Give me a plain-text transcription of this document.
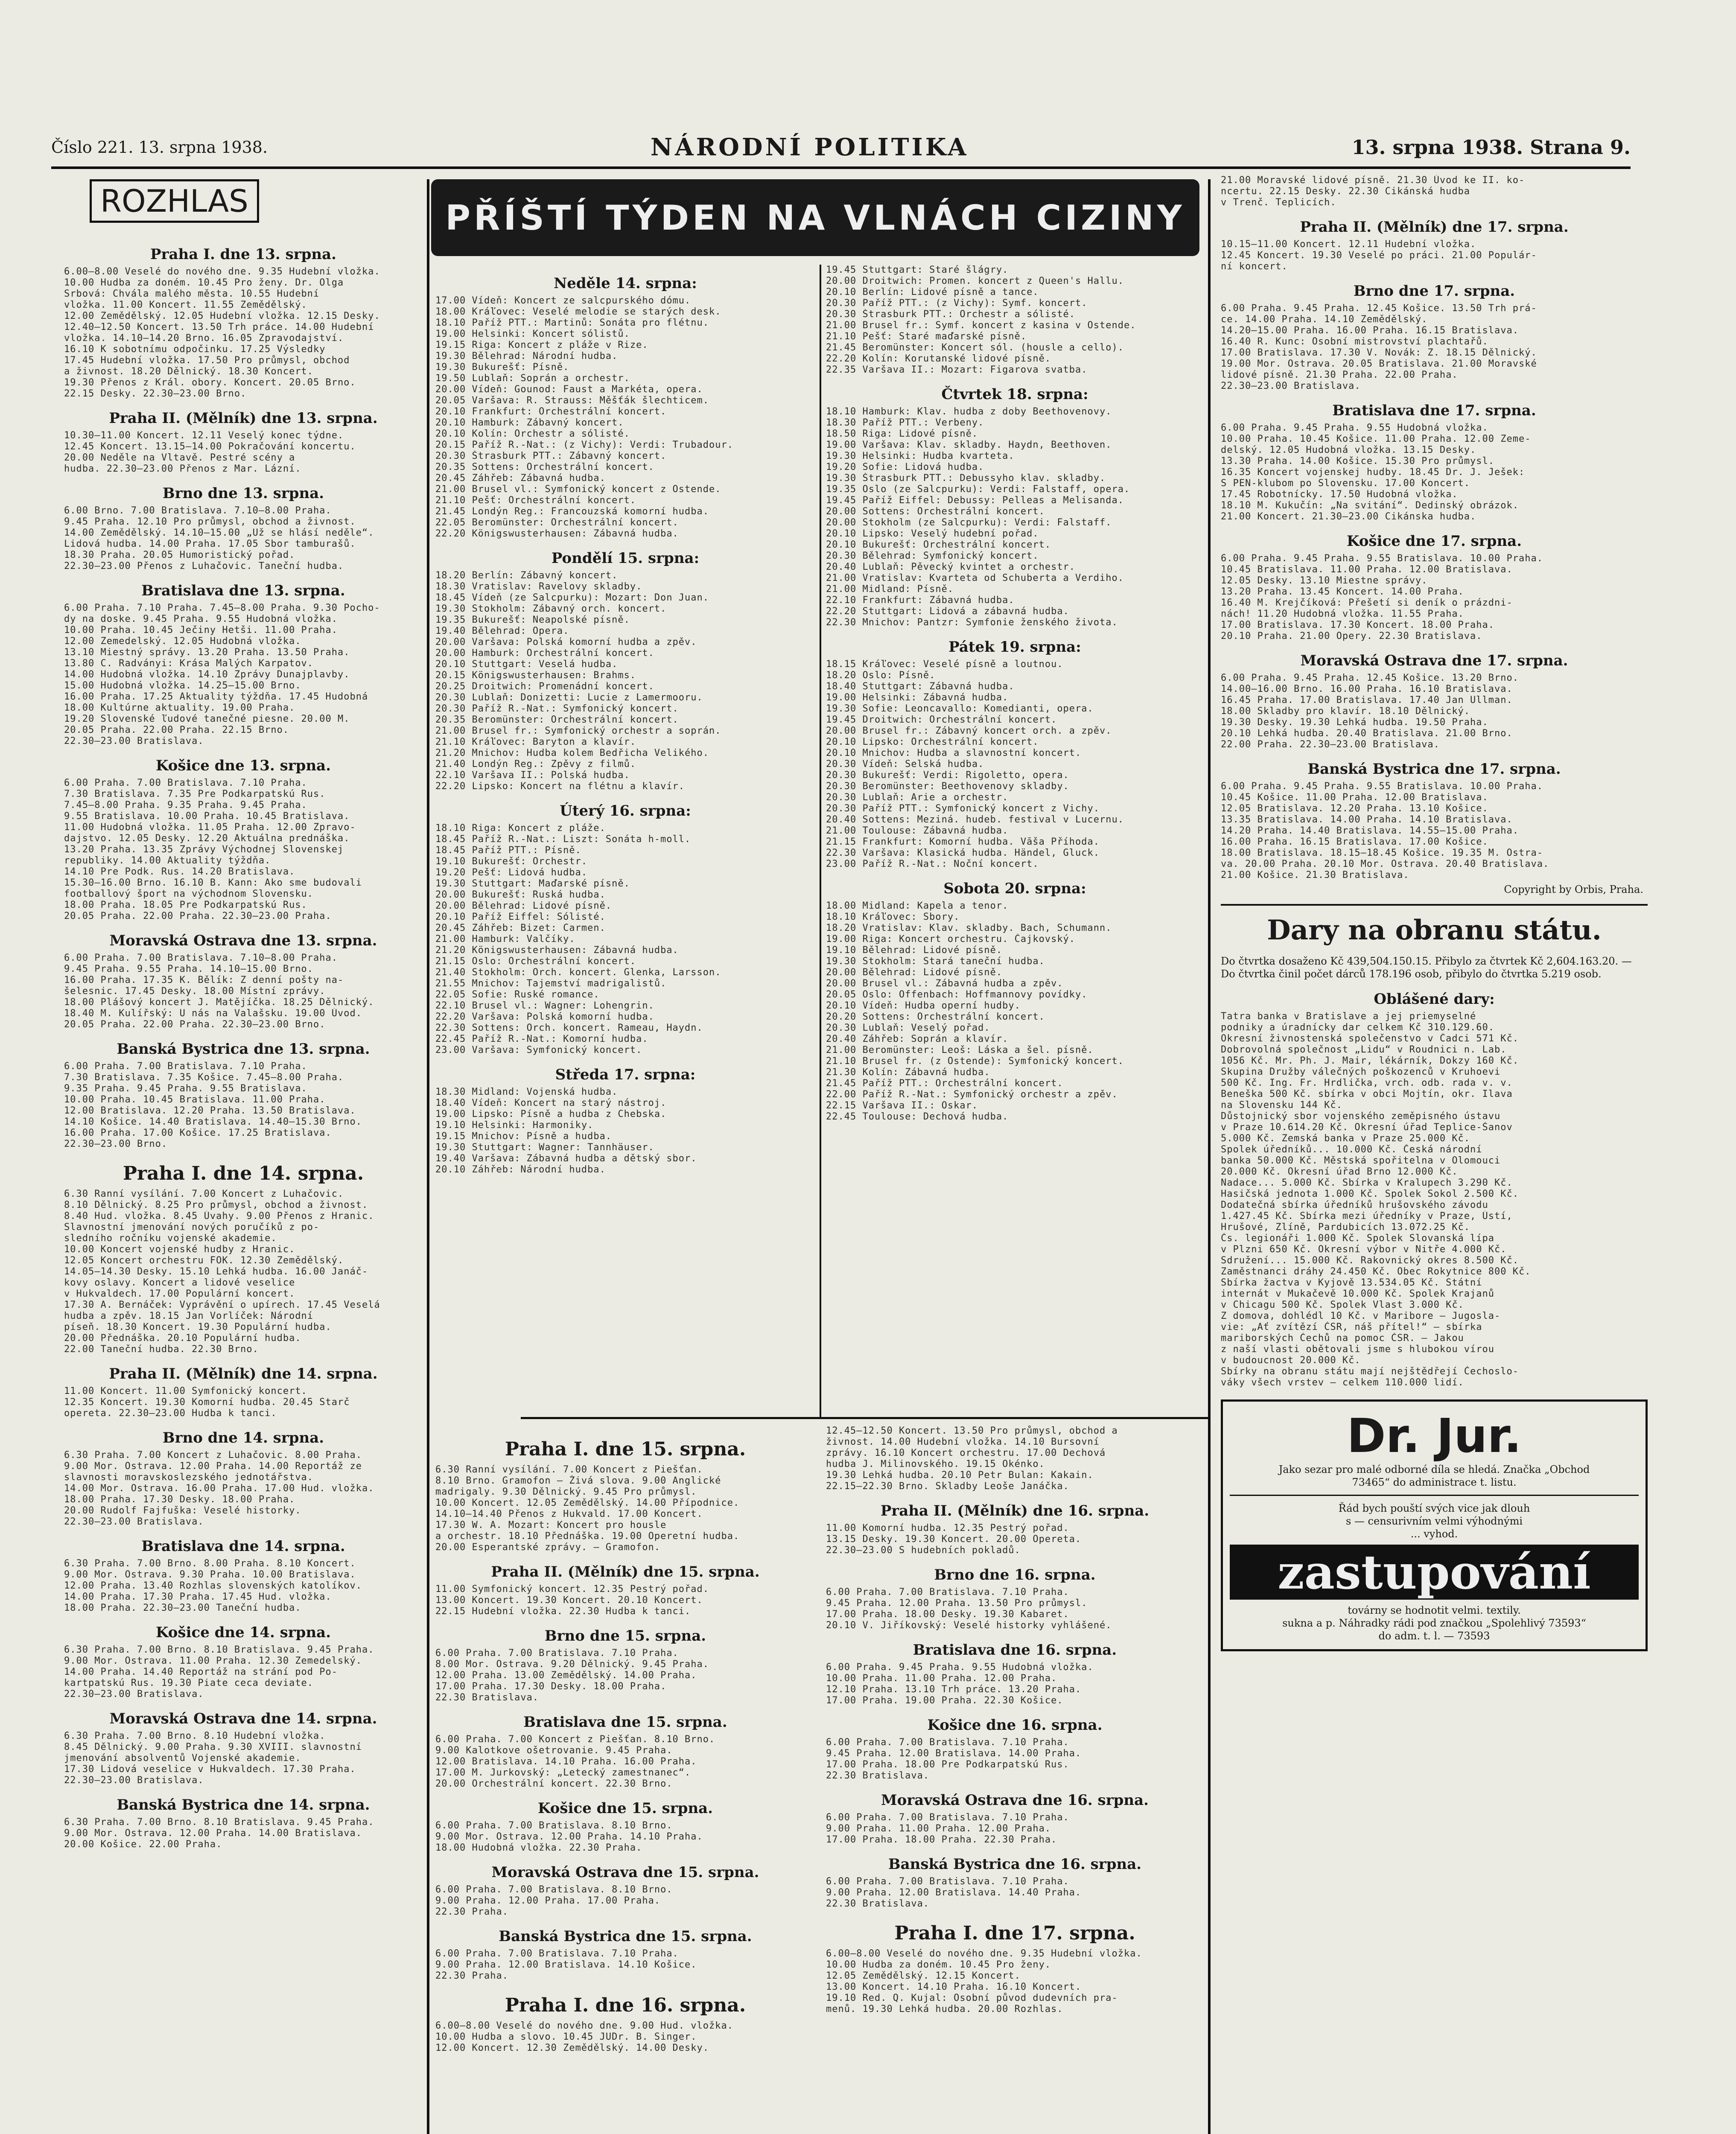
Číslo 221. 13. srpna 1938.	NÁRODNÍ POLITIKA	13. srpna 1938. Strana 9.
PŘÍŠTÍ TÝDEN NA VLNÁCH CIZINY
ROZHLAS
Praha I. dne 13. srpna.
6.00—8.00 Veselé do nového dne. 9.35 Hudební vložka.
10.00 Hudba za doném. 10.45 Pro ženy. Dr. Olga
Srbová: Chvála malého města. 10.55 Hudební
vložka. 11.00 Koncert. 11.55 Zemědělský.
12.00 Zemědělský. 12.05 Hudební vložka. 12.15 Desky.
12.40—12.50 Koncert. 13.50 Trh práce. 14.00 Hudební
vložka. 14.10—14.20 Brno. 16.05 Zpravodajství.
16.10 K sobotnímu odpočinku. 17.25 Výsledky
17.45 Hudební vložka. 17.50 Pro průmysl, obchod
a živnost. 18.20 Dělnický. 18.30 Koncert.
19.30 Přenos z Král. obory. Koncert. 20.05 Brno.
22.15 Desky. 22.30—23.00 Brno.
Praha II. (Mělník) dne 13. srpna.
10.30—11.00 Koncert. 12.11 Veselý konec týdne.
12.45 Koncert. 13.15—14.00 Pokračování koncertu.
20.00 Neděle na Vltavě. Pestré scény a
hudba. 22.30—23.00 Přenos z Mar. Lázní.
Brno dne 13. srpna.
6.00 Brno. 7.00 Bratislava. 7.10—8.00 Praha.
9.45 Praha. 12.10 Pro průmysl, obchod a živnost.
14.00 Zemědělský. 14.10—15.00 „Už se hlásí neděle“.
Lidová hudba. 14.00 Praha. 17.05 Sbor tamburašů.
18.30 Praha. 20.05 Humoristický pořad.
22.30—23.00 Přenos z Luhačovic. Taneční hudba.
Bratislava dne 13. srpna.
6.00 Praha. 7.10 Praha. 7.45—8.00 Praha. 9.30 Pocho-
dy na doske. 9.45 Praha. 9.55 Hudobná vložka.
10.00 Praha. 10.45 Ječiny Hetši. 11.00 Praha.
12.00 Zemedelský. 12.05 Hudobná vložka.
13.10 Miestný správy. 13.20 Praha. 13.50 Praha.
13.80 C. Radványi: Krása Malých Karpatov.
14.00 Hudobná vložka. 14.10 Zprávy Dunajplavby.
15.00 Hudobná vložka. 14.25—15.00 Brno.
16.00 Praha. 17.25 Aktuality týždňa. 17.45 Hudobná
18.00 Kultúrne aktuality. 19.00 Praha.
19.20 Slovenské ľudové tanečné piesne. 20.00 M.
20.05 Praha. 22.00 Praha. 22.15 Brno.
22.30—23.00 Bratislava.
Košice dne 13. srpna.
6.00 Praha. 7.00 Bratislava. 7.10 Praha.
7.30 Bratislava. 7.35 Pre Podkarpatskú Rus.
7.45—8.00 Praha. 9.35 Praha. 9.45 Praha.
9.55 Bratislava. 10.00 Praha. 10.45 Bratislava.
11.00 Hudobná vložka. 11.05 Praha. 12.00 Zpravo-
dajstvo. 12.05 Desky. 12.20 Aktuálna prednáška.
13.20 Praha. 13.35 Zprávy Východnej Slovenskej
republiky. 14.00 Aktuality týždňa.
14.10 Pre Podk. Rus. 14.20 Bratislava.
15.30—16.00 Brno. 16.10 B. Kann: Ako sme budovali
footballový šport na východnom Slovensku.
18.00 Praha. 18.05 Pre Podkarpatskú Rus.
20.05 Praha. 22.00 Praha. 22.30—23.00 Praha.
Moravská Ostrava dne 13. srpna.
6.00 Praha. 7.00 Bratislava. 7.10—8.00 Praha.
9.45 Praha. 9.55 Praha. 14.10—15.00 Brno.
16.00 Praha. 17.35 K. Bělík: Z denní pošty na-
šelesnic. 17.45 Desky. 18.00 Místní zprávy.
18.00 Plášový koncert J. Matějíčka. 18.25 Dělnický.
18.40 M. Kulířský: U nás na Valašsku. 19.00 Úvod.
20.05 Praha. 22.00 Praha. 22.30—23.00 Brno.
Banská Bystrica dne 13. srpna.
6.00 Praha. 7.00 Bratislava. 7.10 Praha.
7.30 Bratislava. 7.35 Košice. 7.45—8.00 Praha.
9.35 Praha. 9.45 Praha. 9.55 Bratislava.
10.00 Praha. 10.45 Bratislava. 11.00 Praha.
12.00 Bratislava. 12.20 Praha. 13.50 Bratislava.
14.10 Košice. 14.40 Bratislava. 14.40—15.30 Brno.
16.00 Praha. 17.00 Košice. 17.25 Bratislava.
22.30—23.00 Brno.
Praha I. dne 14. srpna.
6.30 Ranní vysílání. 7.00 Koncert z Luhačovic.
8.10 Dělnický. 8.25 Pro průmysl, obchod a živnost.
8.40 Hud. vložka. 8.45 Úvahy. 9.00 Přenos z Hranic.
Slavnostní jmenování nových poručíků z po-
sledního ročníku vojenské akademie.
10.00 Koncert vojenské hudby z Hranic.
12.05 Koncert orchestru FOK. 12.30 Zemědělský.
14.05—14.30 Desky. 15.10 Lehká hudba. 16.00 Janáč-
kovy oslavy. Koncert a lidové veselice
v Hukvaldech. 17.00 Populární koncert.
17.30 A. Bernáček: Vyprávění o upírech. 17.45 Veselá
hudba a zpěv. 18.15 Jan Vorlíček: Národní
píseň. 18.30 Koncert. 19.30 Populární hudba.
20.00 Přednáška. 20.10 Populární hudba.
22.00 Taneční hudba. 22.30 Brno.
Praha II. (Mělník) dne 14. srpna.
11.00 Koncert. 11.00 Symfonický koncert.
12.35 Koncert. 19.30 Komorní hudba. 20.45 Starč
opereta. 22.30—23.00 Hudba k tanci.
Brno dne 14. srpna.
6.30 Praha. 7.00 Koncert z Luhačovic. 8.00 Praha.
9.00 Mor. Ostrava. 12.00 Praha. 14.00 Reportáž ze
slavnosti moravskoslezského jednotářstva.
14.00 Mor. Ostrava. 16.00 Praha. 17.00 Hud. vložka.
18.00 Praha. 17.30 Desky. 18.00 Praha.
20.00 Rudolf Fajfuška: Veselé historky.
22.30—23.00 Bratislava.
Bratislava dne 14. srpna.
6.30 Praha. 7.00 Brno. 8.00 Praha. 8.10 Koncert.
9.00 Mor. Ostrava. 9.30 Praha. 10.00 Bratislava.
12.00 Praha. 13.40 Rozhlas slovenských katolíkov.
14.00 Praha. 17.30 Praha. 17.45 Hud. vložka.
18.00 Praha. 22.30—23.00 Taneční hudba.
Košice dne 14. srpna.
6.30 Praha. 7.00 Brno. 8.10 Bratislava. 9.45 Praha.
9.00 Mor. Ostrava. 11.00 Praha. 12.30 Zemedelský.
14.00 Praha. 14.40 Reportáž na strání pod Po-
kartpatskú Rus. 19.30 Piate ceca deviate.
22.30—23.00 Bratislava.
Moravská Ostrava dne 14. srpna.
6.30 Praha. 7.00 Brno. 8.10 Hudební vložka.
8.45 Dělnický. 9.00 Praha. 9.30 XVIII. slavnostní
jmenování absolventů Vojenské akademie.
17.30 Lidová veselice v Hukvaldech. 17.30 Praha.
22.30—23.00 Bratislava.
Banská Bystrica dne 14. srpna.
6.30 Praha. 7.00 Brno. 8.10 Bratislava. 9.45 Praha.
9.00 Mor. Ostrava. 12.00 Praha. 14.00 Bratislava.
20.00 Košice. 22.00 Praha.
Neděle 14. srpna:
17.00 Vídeň: Koncert ze salcpurského dómu.
18.00 Kráľovec: Veselé melodie se starých desk.
18.10 Paříž PTT.: Martinů: Sonáta pro flétnu.
19.00 Helsinki: Koncert sólistů.
19.15 Riga: Koncert z pláže v Rize.
19.30 Bělehrad: Národní hudba.
19.30 Bukurešť: Písně.
19.50 Lublaň: Soprán a orchestr.
20.00 Vídeň: Gounod: Faust a Markéta, opera.
20.05 Varšava: R. Strauss: Měšťák šlechticem.
20.10 Frankfurt: Orchestrální koncert.
20.10 Hamburk: Zábavný koncert.
20.10 Kolín: Orchestr a sólisté.
20.15 Paříž R.-Nat.: (z Vichy): Verdi: Trubadour.
20.30 Štrasburk PTT.: Zábavný koncert.
20.35 Sottens: Orchestrální koncert.
20.45 Záhřeb: Zábavná hudba.
21.00 Brusel vl.: Symfonický koncert z Ostende.
21.10 Pešť: Orchestrální koncert.
21.45 Londýn Reg.: Francouzská komorní hudba.
22.05 Beromünster: Orchestrální koncert.
22.20 Königswusterhausen: Zábavná hudba.
Pondělí 15. srpna:
18.20 Berlín: Zábavný koncert.
18.30 Vratislav: Ravelovy skladby.
18.45 Vídeň (ze Salcpurku): Mozart: Don Juan.
19.30 Stokholm: Zábavný orch. koncert.
19.35 Bukurešť: Neapolské písně.
19.40 Bělehrad: Opera.
20.00 Varšava: Polská komorní hudba a zpěv.
20.00 Hamburk: Orchestrální koncert.
20.10 Stuttgart: Veselá hudba.
20.15 Königswusterhausen: Brahms.
20.25 Droitwich: Promenádní koncert.
20.30 Lublaň: Donizetti: Lucie z Lamermooru.
20.30 Paříž R.-Nat.: Symfonický koncert.
20.35 Beromünster: Orchestrální koncert.
21.00 Brusel fr.: Symfonický orchestr a soprán.
21.10 Kráľovec: Baryton a klavír.
21.20 Mnichov: Hudba kolem Bedřicha Velikého.
21.40 Londýn Reg.: Zpěvy z filmů.
22.10 Varšava II.: Polská hudba.
22.20 Lipsko: Koncert na flétnu a klavír.
Úterý 16. srpna:
18.10 Riga: Koncert z pláže.
18.45 Paříž R.-Nat.: Liszt: Sonáta h-moll.
18.45 Paříž PTT.: Písně.
19.10 Bukurešť: Orchestr.
19.20 Pešť: Lidová hudba.
19.30 Stuttgart: Maďarské písně.
20.00 Bukurešť: Ruská hudba.
20.00 Bělehrad: Lidové písně.
20.10 Paříž Eiffel: Sólisté.
20.45 Záhřeb: Bizet: Carmen.
21.00 Hamburk: Valčíky.
21.20 Königswusterhausen: Zábavná hudba.
21.15 Oslo: Orchestrální koncert.
21.40 Stokholm: Orch. koncert. Glenka, Larsson.
21.55 Mnichov: Tajemství madrigalistů.
22.05 Sofie: Ruské romance.
22.10 Brusel vl.: Wagner: Lohengrin.
22.20 Varšava: Polská komorní hudba.
22.30 Sottens: Orch. koncert. Rameau, Haydn.
22.45 Paříž R.-Nat.: Komorní hudba.
23.00 Varšava: Symfonický koncert.
Středa 17. srpna:
18.30 Midland: Vojenská hudba.
18.40 Vídeň: Koncert na starý nástroj.
19.00 Lipsko: Písně a hudba z Chebska.
19.10 Helsinki: Harmoniky.
19.15 Mnichov: Písně a hudba.
19.30 Stuttgart: Wagner: Tannhäuser.
19.40 Varšava: Zábavná hudba a dětský sbor.
20.10 Záhřeb: Národní hudba.
19.45 Stuttgart: Staré šlágry.
20.00 Droitwich: Promen. koncert z Queen's Hallu.
20.10 Berlín: Lidové písně a tance.
20.30 Paříž PTT.: (z Vichy): Symf. koncert.
20.30 Štrasburk PTT.: Orchestr a sólisté.
21.00 Brusel fr.: Symf. koncert z kasina v Ostende.
21.10 Pešť: Staré maďarské písně.
21.45 Beromünster: Koncert sól. (housle a cello).
22.20 Kolín: Korutanské lidové písně.
22.35 Varšava II.: Mozart: Figarova svatba.
Čtvrtek 18. srpna:
18.10 Hamburk: Klav. hudba z doby Beethovenovy.
18.30 Paříž PTT.: Verbeny.
18.50 Riga: Lidové písně.
19.00 Varšava: Klav. skladby. Haydn, Beethoven.
19.30 Helsinki: Hudba kvarteta.
19.20 Sofie: Lidová hudba.
19.30 Štrasburk PTT.: Debussyho klav. skladby.
19.35 Oslo (ze Salcpurku): Verdi: Falstaff, opera.
19.45 Paříž Eiffel: Debussy: Pelleas a Melisanda.
20.00 Sottens: Orchestrální koncert.
20.00 Stokholm (ze Salcpurku): Verdi: Falstaff.
20.10 Lipsko: Veselý hudební pořad.
20.10 Bukurešť: Orchestrální koncert.
20.30 Bělehrad: Symfonický koncert.
20.40 Lublaň: Pěvecký kvintet a orchestr.
21.00 Vratislav: Kvarteta od Schuberta a Verdiho.
21.00 Midland: Písně.
22.10 Frankfurt: Zábavná hudba.
22.20 Stuttgart: Lidová a zábavná hudba.
22.30 Mnichov: Pantzr: Symfonie ženského života.
Pátek 19. srpna:
18.15 Kráľovec: Veselé písně a loutnou.
18.20 Oslo: Písně.
18.40 Stuttgart: Zábavná hudba.
19.00 Helsinki: Zábavná hudba.
19.30 Sofie: Leoncavallo: Komedianti, opera.
19.45 Droitwich: Orchestrální koncert.
20.00 Brusel fr.: Zábavný koncert orch. a zpěv.
20.10 Lipsko: Orchestrální koncert.
20.10 Mnichov: Hudba a slavnostní koncert.
20.30 Vídeň: Selská hudba.
20.30 Bukurešť: Verdi: Rigoletto, opera.
20.30 Beromünster: Beethovenovy skladby.
20.30 Lublaň: Arie a orchestr.
20.30 Paříž PTT.: Symfonický koncert z Vichy.
20.40 Sottens: Meziná. hudeb. festival v Lucernu.
21.00 Toulouse: Zábavná hudba.
21.15 Frankfurt: Komorní hudba. Vāša Příhoda.
22.30 Varšava: Klasická hudba. Händel, Gluck.
23.00 Paříž R.-Nat.: Noční koncert.
Sobota 20. srpna:
18.00 Midland: Kapela a tenor.
18.10 Kráľovec: Sbory.
18.20 Vratislav: Klav. skladby. Bach, Schumann.
19.00 Riga: Koncert orchestru. Čajkovský.
19.10 Bělehrad: Lidové písně.
19.30 Stokholm: Stará taneční hudba.
20.00 Bělehrad: Lidové písně.
20.00 Brusel vl.: Zábavná hudba a zpěv.
20.05 Oslo: Offenbach: Hoffmannovy povídky.
20.10 Vídeň: Hudba operní hudby.
20.20 Sottens: Orchestrální koncert.
20.30 Lublaň: Veselý pořad.
20.40 Záhřeb: Soprán a klavír.
21.00 Beromünster: Leoš: Láska a šel. písně.
21.10 Brusel fr. (z Ostende): Symfonický koncert.
21.30 Kolín: Zábavná hudba.
21.45 Paříž PTT.: Orchestrální koncert.
22.00 Paříž R.-Nat.: Symfonický orchestr a zpěv.
22.15 Varšava II.: Oskar.
22.45 Toulouse: Dechová hudba.
Praha I. dne 15. srpna.
6.30 Ranní vysílání. 7.00 Koncert z Piešťan.
8.10 Brno. Gramofon — Živá slova. 9.00 Anglické
madrigaly. 9.30 Dělnický. 9.45 Pro průmysl.
10.00 Koncert. 12.05 Zemědělský. 14.00 Přípodnice.
14.10—14.40 Přenos z Hukvald. 17.00 Koncert.
17.30 W. A. Mozart: Koncert pro housle
a orchestr. 18.10 Přednáška. 19.00 Operetní hudba.
20.00 Esperantské zprávy. — Gramofon.
Praha II. (Mělník) dne 15. srpna.
11.00 Symfonický koncert. 12.35 Pestrý pořad.
13.00 Koncert. 19.30 Koncert. 20.10 Koncert.
22.15 Hudební vložka. 22.30 Hudba k tanci.
Brno dne 15. srpna.
6.00 Praha. 7.00 Bratislava. 7.10 Praha.
8.00 Mor. Ostrava. 9.20 Dělnický. 9.45 Praha.
12.00 Praha. 13.00 Zemědělský. 14.00 Praha.
17.00 Praha. 17.30 Desky. 18.00 Praha.
22.30 Bratislava.
Bratislava dne 15. srpna.
6.00 Praha. 7.00 Koncert z Piešťan. 8.10 Brno.
9.00 Kalotkove ošetrovanie. 9.45 Praha.
12.00 Bratislava. 14.10 Praha. 16.00 Praha.
17.00 M. Jurkovský: „Letecký zamestnanec“.
20.00 Orchestrální koncert. 22.30 Brno.
Košice dne 15. srpna.
6.00 Praha. 7.00 Bratislava. 8.10 Brno.
9.00 Mor. Ostrava. 12.00 Praha. 14.10 Praha.
18.00 Hudobná vložka. 22.30 Praha.
Moravská Ostrava dne 15. srpna.
6.00 Praha. 7.00 Bratislava. 8.10 Brno.
9.00 Praha. 12.00 Praha. 17.00 Praha.
22.30 Praha.
Banská Bystrica dne 15. srpna.
6.00 Praha. 7.00 Bratislava. 7.10 Praha.
9.00 Praha. 12.00 Bratislava. 14.10 Košice.
22.30 Praha.
Praha I. dne 16. srpna.
6.00—8.00 Veselé do nového dne. 9.00 Hud. vložka.
10.00 Hudba a slovo. 10.45 JUDr. B. Singer.
12.00 Koncert. 12.30 Zemědělský. 14.00 Desky.
12.45—12.50 Koncert. 13.50 Pro průmysl, obchod a
živnost. 14.00 Hudební vložka. 14.10 Bursovní
zprávy. 16.10 Koncert orchestru. 17.00 Dechová
hudba J. Milinovského. 19.15 Okénko.
19.30 Lehká hudba. 20.10 Petr Bulan: Kakain.
22.15—22.30 Brno. Skladby Leoše Janáčka.
Praha II. (Mělník) dne 16. srpna.
11.00 Komorní hudba. 12.35 Pestrý pořad.
13.15 Desky. 19.30 Koncert. 20.00 Opereta.
22.30—23.00 S hudebních pokladů.
Brno dne 16. srpna.
6.00 Praha. 7.00 Bratislava. 7.10 Praha.
9.45 Praha. 12.00 Praha. 13.50 Pro průmysl.
17.00 Praha. 18.00 Desky. 19.30 Kabaret.
20.10 V. Jiříkovský: Veselé historky vyhlášené.
Bratislava dne 16. srpna.
6.00 Praha. 9.45 Praha. 9.55 Hudobná vložka.
10.00 Praha. 11.00 Praha. 12.00 Praha.
12.10 Praha. 13.10 Trh práce. 13.20 Praha.
17.00 Praha. 19.00 Praha. 22.30 Košice.
Košice dne 16. srpna.
6.00 Praha. 7.00 Bratislava. 7.10 Praha.
9.45 Praha. 12.00 Bratislava. 14.00 Praha.
17.00 Praha. 18.00 Pre Podkarpatskú Rus.
22.30 Bratislava.
Moravská Ostrava dne 16. srpna.
6.00 Praha. 7.00 Bratislava. 7.10 Praha.
9.00 Praha. 11.00 Praha. 12.00 Praha.
17.00 Praha. 18.00 Praha. 22.30 Praha.
Banská Bystrica dne 16. srpna.
6.00 Praha. 7.00 Bratislava. 7.10 Praha.
9.00 Praha. 12.00 Bratislava. 14.40 Praha.
22.30 Bratislava.
Praha I. dne 17. srpna.
6.00—8.00 Veselé do nového dne. 9.35 Hudební vložka.
10.00 Hudba za doném. 10.45 Pro ženy.
12.05 Zemědělský. 12.15 Koncert.
13.00 Koncert. 14.10 Praha. 16.10 Koncert.
19.10 Red. Q. Kujal: Osobní původ dudevních pra-
menů. 19.30 Lehká hudba. 20.00 Rozhlas.
21.00 Moravské lidové písně. 21.30 Úvod ke II. ko-
ncertu. 22.15 Desky. 22.30 Cikánská hudba
v Trenč. Teplicích.
Praha II. (Mělník) dne 17. srpna.
10.15—11.00 Koncert. 12.11 Hudební vložka.
12.45 Koncert. 19.30 Veselé po práci. 21.00 Populár-
ní koncert.
Brno dne 17. srpna.
6.00 Praha. 9.45 Praha. 12.45 Košice. 13.50 Trh prá-
ce. 14.00 Praha. 14.10 Zemědělský.
14.20—15.00 Praha. 16.00 Praha. 16.15 Bratislava.
16.40 R. Kunc: Osobní mistrovství plachtařů.
17.00 Bratislava. 17.30 V. Novák: Z. 18.15 Dělnický.
19.00 Mor. Ostrava. 20.05 Bratislava. 21.00 Moravské
lidové písně. 21.30 Praha. 22.00 Praha.
22.30—23.00 Bratislava.
Bratislava dne 17. srpna.
6.00 Praha. 9.45 Praha. 9.55 Hudobná vložka.
10.00 Praha. 10.45 Košice. 11.00 Praha. 12.00 Zeme-
delský. 12.05 Hudobná vložka. 13.15 Desky.
13.30 Praha. 14.00 Košice. 15.30 Pro průmysl.
16.35 Koncert vojenskej hudby. 18.45 Dr. J. Ješek:
S PEN-klubom po Slovensku. 17.00 Koncert.
17.45 Robotnícky. 17.50 Hudobná vložka.
18.10 M. Kukučín: „Na svitání“. Dedinský obrázok.
21.00 Koncert. 21.30—23.00 Cikánska hudba.
Košice dne 17. srpna.
6.00 Praha. 9.45 Praha. 9.55 Bratislava. 10.00 Praha.
10.45 Bratislava. 11.00 Praha. 12.00 Bratislava.
12.05 Desky. 13.10 Miestne správy.
13.20 Praha. 13.45 Koncert. 14.00 Praha.
16.40 M. Krejčíková: Přešetí si deník o prázdni-
nách! 11.20 Hudobná vložka. 11.55 Praha.
17.00 Bratislava. 17.30 Koncert. 18.00 Praha.
20.10 Praha. 21.00 Opery. 22.30 Bratislava.
Moravská Ostrava dne 17. srpna.
6.00 Praha. 9.45 Praha. 12.45 Košice. 13.20 Brno.
14.00—16.00 Brno. 16.00 Praha. 16.10 Bratislava.
16.45 Praha. 17.00 Bratislava. 17.40 Jan Ullman.
18.00 Skladby pro klavír. 18.10 Dělnický.
19.30 Desky. 19.30 Lehká hudba. 19.50 Praha.
20.10 Lehká hudba. 20.40 Bratislava. 21.00 Brno.
22.00 Praha. 22.30—23.00 Bratislava.
Banská Bystrica dne 17. srpna.
6.00 Praha. 9.45 Praha. 9.55 Bratislava. 10.00 Praha.
10.45 Košice. 11.00 Praha. 12.00 Bratislava.
12.05 Bratislava. 12.20 Praha. 13.10 Košice.
13.35 Bratislava. 14.00 Praha. 14.10 Bratislava.
14.20 Praha. 14.40 Bratislava. 14.55—15.00 Praha.
16.00 Praha. 16.15 Bratislava. 17.00 Košice.
18.00 Bratislava. 18.15—18.45 Košice. 19.35 M. Ostra-
va. 20.00 Praha. 20.10 Mor. Ostrava. 20.40 Bratislava.
21.00 Košice. 21.30 Bratislava.
Copyright by Orbis, Praha.
Dary na obranu státu.
Do čtvrtka dosaženo Kč 439,504.150.15. Přibylo za čtvrtek Kč 2,604.163.20. — Do čtvrtka činil počet dárců 178.196 osob, přibylo do čtvrtka 5.219 osob.
Oblášené dary:
Tatra banka v Bratislave a jej priemyselné
podniky a úradnícky dar celkem Kč 310.129.60.
Okresní živnostenská společenstvo v Čadci 571 Kč.
Dobrovolná společnost „Lidu“ v Roudnici n. Lab.
1056 Kč. Mr. Ph. J. Mair, lékárník, Dokzy 160 Kč.
Skupina Družby válečných poškozenců v Kruhoevi
500 Kč. Ing. Fr. Hrdlička, vrch. odb. rada v. v.
Beneška 500 Kč. sbírka v obci Mojtín, okr. Ilava
na Slovensku 144 Kč.
Důstojnický sbor vojenského zeměpisného ústavu
v Praze 10.614.20 Kč. Okresní úřad Teplice-Šanov
5.000 Kč. Zemská banka v Praze 25.000 Kč.
Spolek úředníků... 10.000 Kč. Česká národní
banka 50.000 Kč. Městská spořitelna v Olomouci
20.000 Kč. Okresní úřad Brno 12.000 Kč.
Nadace... 5.000 Kč. Sbírka v Kralupech 3.290 Kč.
Hasičská jednota 1.000 Kč. Spolek Sokol 2.500 Kč.
Dodatečná sbírka úředníků hrušovského závodu
1.427.45 Kč. Sbírka mezi úředníky v Praze, Ústí,
Hrušové, Zlíně, Pardubicích 13.072.25 Kč.
Čs. legionáři 1.000 Kč. Spolek Slovanská lípa
v Plzni 650 Kč. Okresní výbor v Nitře 4.000 Kč.
Sdružení... 15.000 Kč. Rakovnický okres 8.500 Kč.
Zaměstnanci dráhy 24.450 Kč. Obec Rokytnice 800 Kč.
Sbírka žactva v Kyjově 13.534.05 Kč. Státní
internát v Mukačevě 10.000 Kč. Spolek Krajanů
v Chicagu 500 Kč. Spolek Vlast 3.000 Kč.
Z domova, dohlédl 10 Kč. v Maribore — Jugosla-
vie: „Ať zvítězí ČSR, náš přítel!“ — sbírka
mariborských Čechů na pomoc ČSR. — Jakou
z naší vlasti obětovali jsme s hlubokou vírou
v budoucnost 20.000 Kč.
Sbírky na obranu státu mají nejštědřejí Čechoslo-
váky všech vrstev — celkem 110.000 lidí.
Dr. Jur.
Jako sezar pro malé odborné díla se hledá. Značka „Obchod
73465“ do administrace t. listu.
Řád bych pouští svých vice jak dlouh
s — censurivním velmi výhodnými
... vyhod.
zastupování
továrny se hodnotit velmi. textily.
sukna a p. Náhradky rádi pod značkou „Spolehlivý 73593“
do adm. t. l. — 73593
